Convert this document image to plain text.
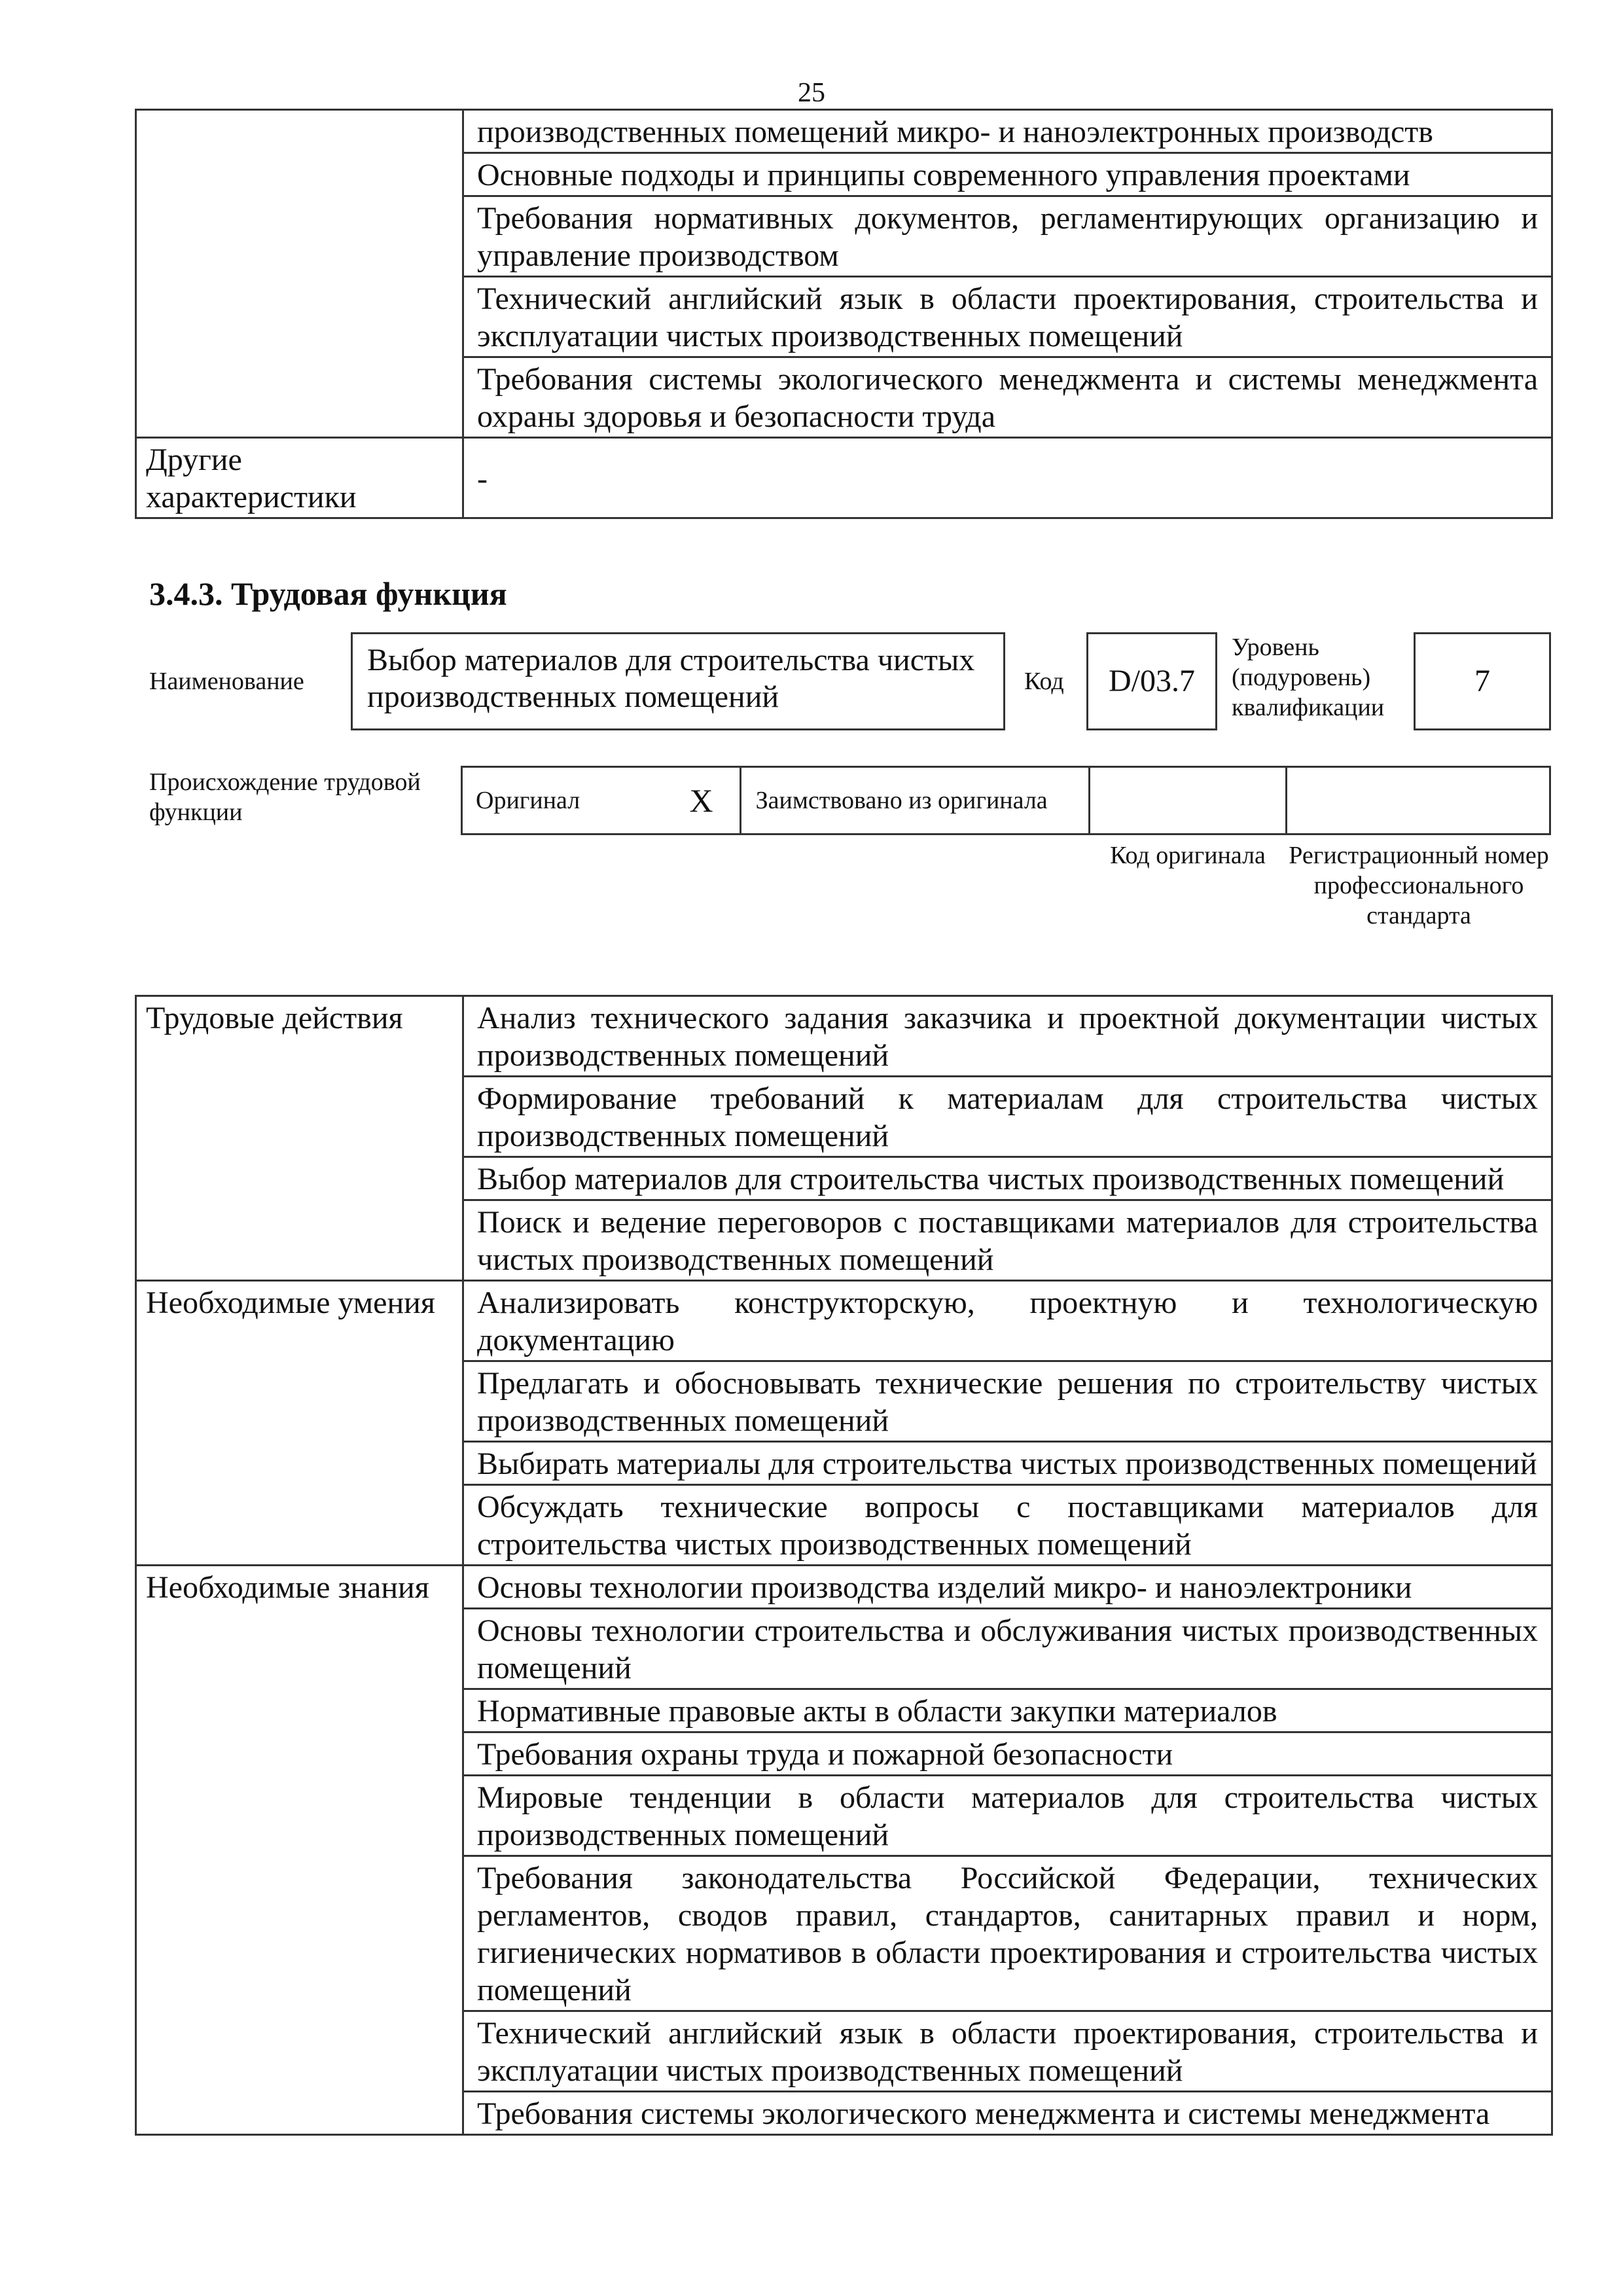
25
	производственных помещений микро- и наноэлектронных производств
	Основные подходы и принципы современного управления проектами
	Требования нормативных документов, регламентирующих организацию и управление производством
	Технический английский язык в области проектирования, строительства и эксплуатации чистых производственных помещений
	Требования системы экологического менеджмента и системы менеджмента охраны здоровья и безопасности труда
Другие характеристики	-
3.4.3. Трудовая функция
Наименование
Выбор материалов для строительства чистых производственных помещений	Код	D/03.7
Уровень (подуровень) квалификации
7
Происхождение трудовой функции	Оригинал	X	Заимствовано из оригинала
Код оригинала Регистрационный номер профессионального стандарта
Трудовые действия	Анализ технического задания заказчика и проектной документации чистых производственных помещений
	Формирование требований к материалам для строительства чистых производственных помещений
	Выбор материалов для строительства чистых производственных помещений
	Поиск и ведение переговоров с поставщиками материалов для строительства чистых производственных помещений
Необходимые умения	Анализировать конструкторскую, проектную и технологическую документацию
	Предлагать и обосновывать технические решения по строительству чистых производственных помещений
	Выбирать материалы для строительства чистых производственных помещений
	Обсуждать технические вопросы с поставщиками материалов для строительства чистых производственных помещений
Необходимые знания	Основы технологии производства изделий микро- и наноэлектроники
	Основы технологии строительства и обслуживания чистых производственных помещений
	Нормативные правовые акты в области закупки материалов
	Требования охраны труда и пожарной безопасности
	Мировые тенденции в области материалов для строительства чистых производственных помещений
	Требования законодательства Российской Федерации, технических регламентов, сводов правил, стандартов, санитарных правил и норм, гигиенических нормативов в области проектирования и строительства чистых помещений
	Технический английский язык в области проектирования, строительства и эксплуатации чистых производственных помещений
	Требования системы экологического менеджмента и системы менеджмента
